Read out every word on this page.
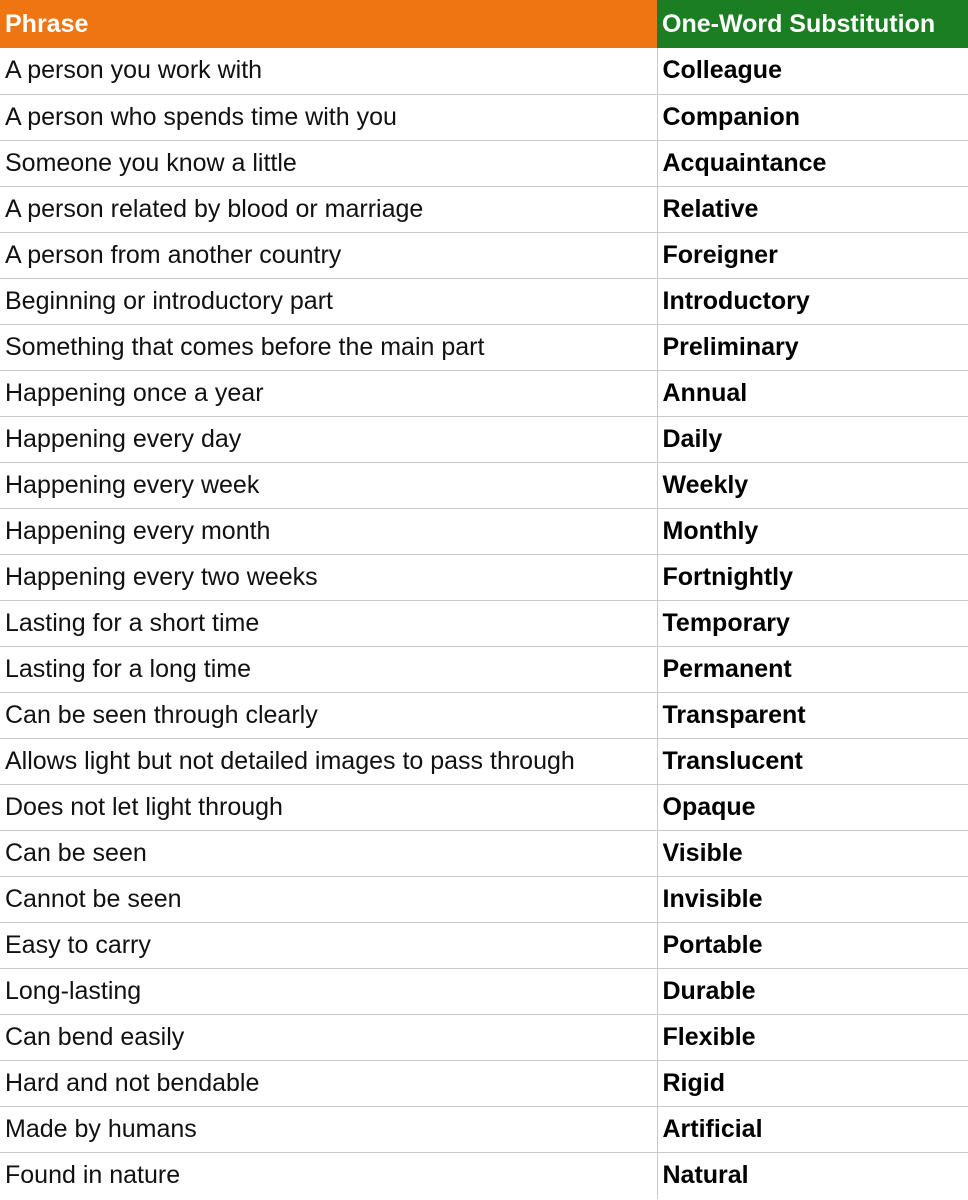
Phrase	One-Word Substitution
A person you work with	Colleague
A person who spends time with you	Companion
Someone you know a little	Acquaintance
A person related by blood or marriage	Relative
A person from another country	Foreigner
Beginning or introductory part	Introductory
Something that comes before the main part	Preliminary
Happening once a year	Annual
Happening every day	Daily
Happening every week	Weekly
Happening every month	Monthly
Happening every two weeks	Fortnightly
Lasting for a short time	Temporary
Lasting for a long time	Permanent
Can be seen through clearly	Transparent
Allows light but not detailed images to pass through	Translucent
Does not let light through	Opaque
Can be seen	Visible
Cannot be seen	Invisible
Easy to carry	Portable
Long-lasting	Durable
Can bend easily	Flexible
Hard and not bendable	Rigid
Made by humans	Artificial
Found in nature	Natural
